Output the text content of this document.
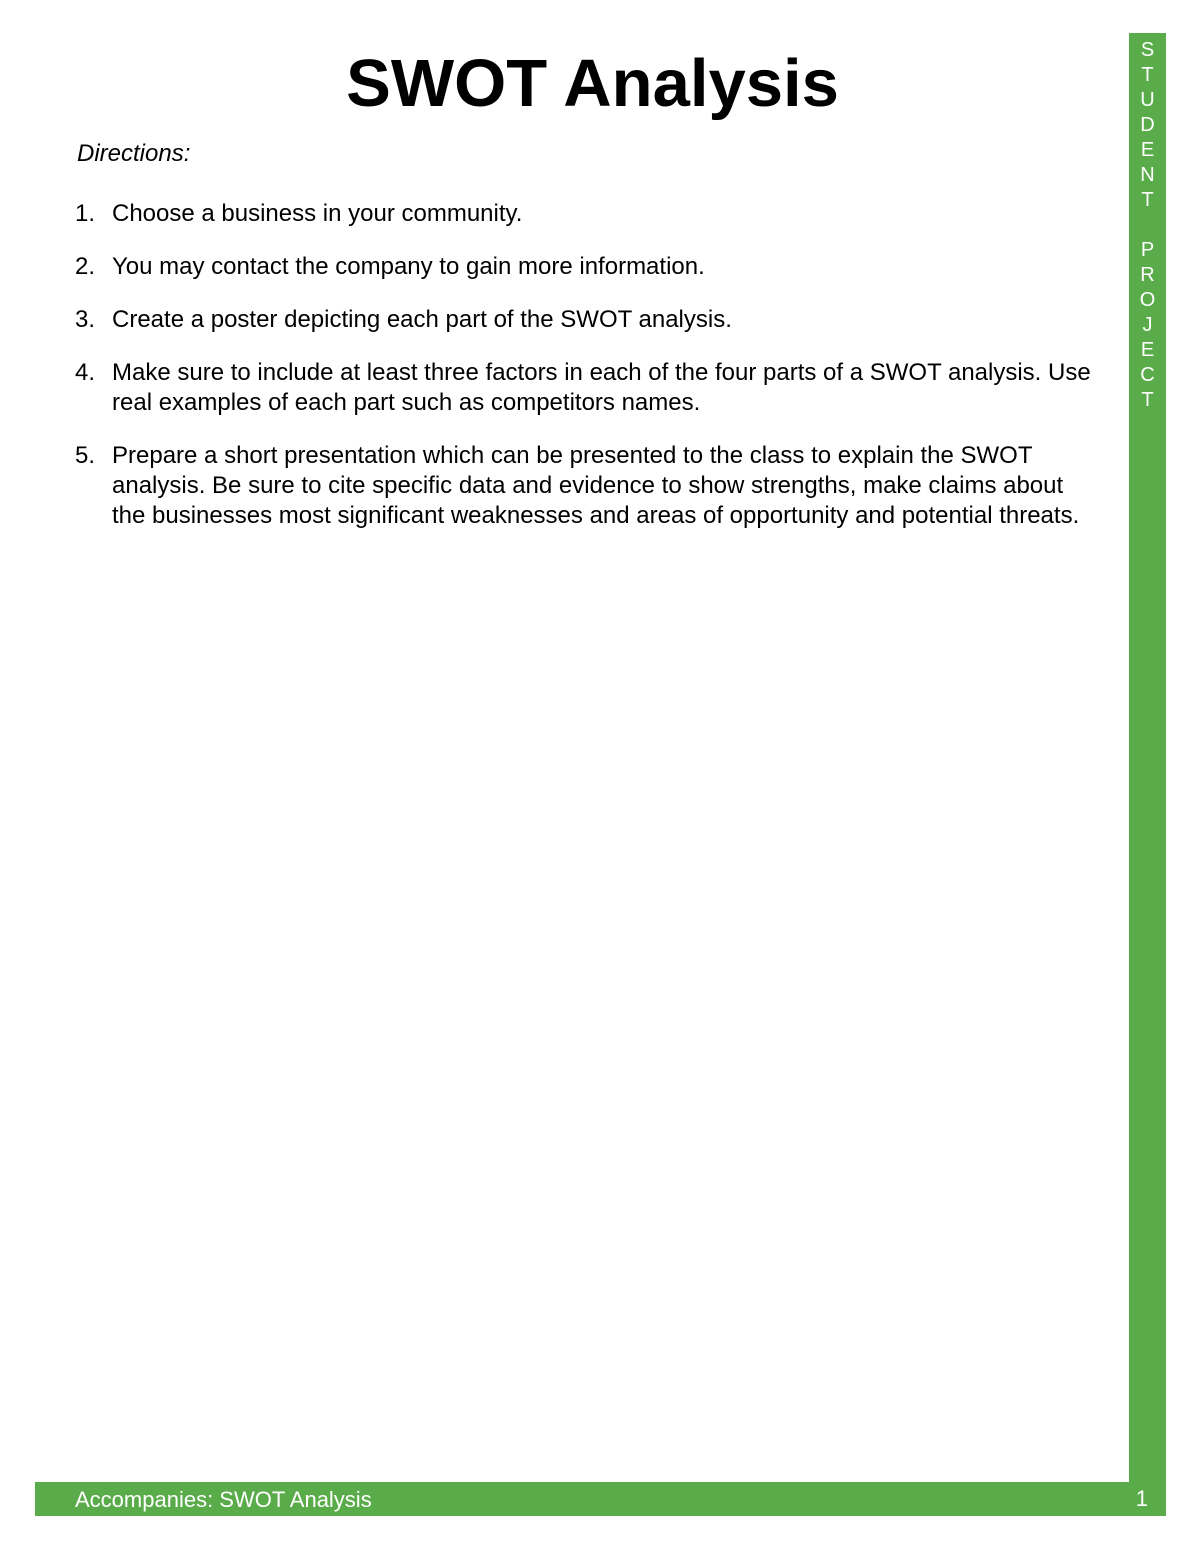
SWOT Analysis
Directions:
1. Choose a business in your community.
2. You may contact the company to gain more information.
3. Create a poster depicting each part of the SWOT analysis.
4. Make sure to include at least three factors in each of the four parts of a SWOT analysis. Use real examples of each part such as competitors names.
5. Prepare a short presentation which can be presented to the class to explain the SWOT analysis. Be sure to cite specific data and evidence to show strengths, make claims about the businesses most significant weaknesses and areas of opportunity and potential threats.
S
T
U
D
E
N
T

P
R
O
J
E
C
T
Accompanies: SWOT Analysis	1
